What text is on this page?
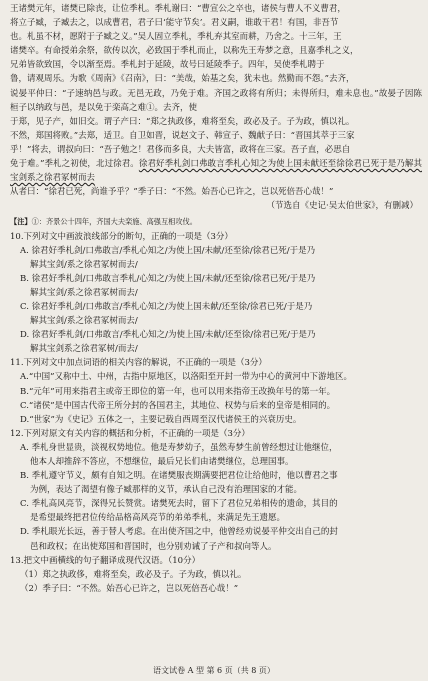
王诸樊元年，诸樊已除丧，让位季札。季札谢曰：“曹宣公之卒也，诸侯与曹人不义曹君，

将立子臧，子臧去之，以成曹君，君子曰‘能守节矣’。君义嗣，谁敢干君！有国，非吾节

也。札虽不材，愿附于子臧之义。”吴人固立季札，季札弃其室而耕，乃舍之。十三年，王

诸樊卒。有命授弟余祭，欲传以次，必致国于季札而止，以称先王寿梦之意，且嘉季札之义，

兄弟皆欲致国，令以渐至焉。季札封于延陵，故号曰延陵季子。四年，吴使季札聘于

鲁，请观周乐。为歌《周南》《召南》，曰：“美哉，始基之矣，犹未也。然勤而不怨。”去齐，

说晏平仲曰：“子速纳邑与政。无邑无政，乃免于难。齐国之政将有所归；未得所归，难未息也。”故晏子因陈桓子以纳政与邑，是以免于栾高之难①。去齐，使

于郑，见子产，如旧交。谓子产曰：“郑之执政侈，难将至矣，政必及子。子为政，慎以礼。

不然，郑国将败。”去郑，适卫。自卫如晋，说赵文子、韩宣子、魏献子曰：“晋国其萃于三家

乎！”将去，谓叔向曰：“吾子勉之！君侈而多良，大夫皆富，政将在三家。吾子直，必思自

免于难。”季札之初使，北过徐君。徐君好季札剑口弗敢言季札心知之为使上国未献还至徐徐君已死于是乃解其宝剑系之徐君冢树而去

从者曰：“徐君已死，尚谁予乎？”季子曰：“不然。始吾心已许之，岂以死倍吾心哉！”

（节选自《史记·吴太伯世家》，有删减）

【注】①：齐景公十四年，齐国大夫栾施、高强互相攻伐。

10.下列对文中画波浪线部分的断句，正确的一项是（3分）

A. 徐君好季札剑/口弗敢言/季札心知之/为使上国/未献/还至徐/徐君已死/于是乃

解其宝剑/系之徐君冢树而去/

B. 徐君好季札剑/口弗敢言季札/心知之/为使上国/未献/还至徐/徐君已死/于是乃

解其宝剑/系之徐君冢树而去/

C. 徐君好季札剑/口弗敢言/季札心知之/为使上国未献/还至徐/徐君已死/于是乃

解其宝剑/系之徐君冢树而去/

D. 徐君好季札剑/口弗敢言/季札心知之/为使上国/未献/还至徐/徐君已死/于是乃

解其宝剑系之徐君冢树/而去/

11.下列对文中加点词语的相关内容的解说，不正确的一项是（3分）

A.“中国”又称中土、中州，古指中原地区，以洛阳至开封一带为中心的黄河中下游地区。

B.“元年”可用来指君主或帝王即位的第一年，也可以用来指帝王改换年号的第一年。

C.“诸侯”是中国古代帝王所分封的各国君主，其地位、权势与后来的皇帝是相同的。

D.“世家”为《史记》五体之一，主要记载自西周至汉代诸侯王的兴衰历史。

12.下列对原文有关内容的概括和分析，不正确的一项是（3分）

A. 季札身世显贵，淡视权势地位。他是寿梦幼子，虽然寿梦生前曾经想过让他继位，

他本人却推辞不答应，不想继位，最后兄长们由诸樊继位，总理国事。

B. 季札遵守节义，颇有自知之明。在诸樊服丧期满要把君位让给他时，他以曹君之事

为例，表达了渴望有像子臧那样的义节，承认自己没有治理国家的才能。

C. 季札高风亮节，深得兄长赞赏。诸樊死去时，留下了君位兄弟相传的遗命，其目的

是希望最终把君位传给品格高风亮节的弟弟季札，来满足先王遗愿。

D. 季札眼光长远，善于替人考虑。在出使齐国之中，他曾经劝说晏平仲交出自己的封

邑和政权；在出使郑国和晋国时，也分别劝诫了子产和叔向等人。

13.把文中画横线的句子翻译成现代汉语。（10分）

（1）郑之执政侈，难将至矣，政必及子。子为政，慎以礼。

（2）季子曰：“不然。始吾心已许之，岂以死倍吾心哉！”

语文试卷 A 型 第 6 页（共 8 页）
